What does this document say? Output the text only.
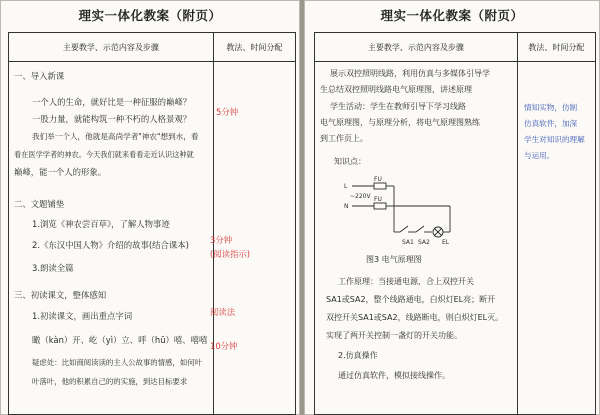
理实一体化教案（附页）
主要教学、示范内容及步骤	教法、时间分配

一、导入新课
一个人的生命，就好比是一种征服的巅峰？
一股力量，就能构筑一种不朽的人格景观？
我们举一个人，他就是高尚学者"神农"想到水，看
看在医学学者的神农。今天我们就来看看走近认识这种就
巅峰，能一个人的形象。
二、文题铺垫
1.浏览《神农尝百草》，了解人物事迹
2.《东汉中国人物》介绍的故事(结合课本)
3.朗读全篇
三、初读课文，整体感知
1.初读课文，画出重点字词
瞰（kàn）开、屹（yì）立、呼（hū）嘻、嘻嘻
疑虑处：比如商阅读读的主人公故事的情感，如何叶
叶落叶，他的积累自己的的实施，到达目标要求
5分钟
3分钟
(阅读指示)
阅读法
10分钟
理实一体化教案（附页）
主要教学、示范内容及步骤	教法、时间分配

展示双控照明线路，利用仿真与多媒体引导学
生总结双控照明线路电气原理图，讲述原理
学生活动：学生在教师引导下学习线路
电气原理图，与原理分析，将电气原理图熟练
到工作页上。
知识点：
L
N
FU
FU
~220V
SA1 SA2 EL
图3 电气原理图
工作原理：当接通电源，合上双控开关
SA1或SA2，整个线路通电，白炽灯EL亮；断开
双控开关SA1或SA2，线路断电，则白炽灯EL灭。
实现了两开关控制一盏灯的开关功能。
2.仿真操作
通过仿真软件，模拟接线操作。
情知实物，仿制
仿真软件，加深
学生对知识的理解
与运用。
